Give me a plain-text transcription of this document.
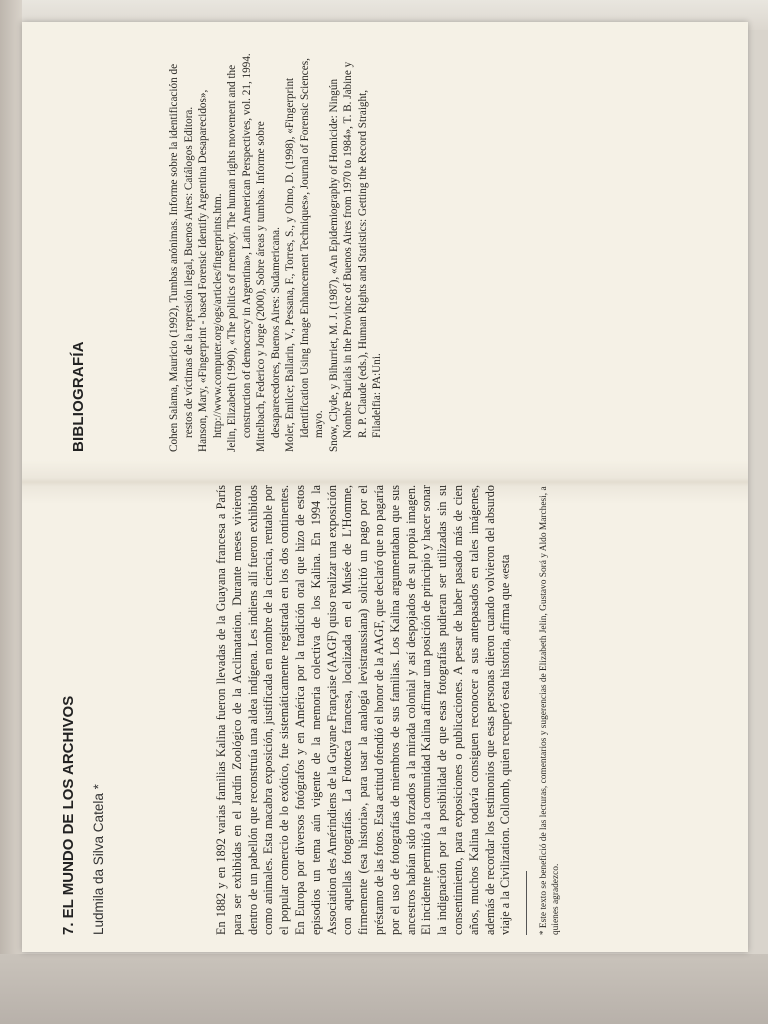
BIBLIOGRAFÍA	Cohen Salama, Mauricio (1992), Tumbas anónimas. Informe sobre la identificación de restos de víctimas de la represión ilegal, Buenos Aires: Catálogos Editora. Hanson, Mary, «Fingerprint - based Forensic Identify Argentina Desaparecidos», http://www.computer.org/ogs/articles/fingerprints.htm. Jelin, Elizabeth (1990), «The politics of memory. The human rights movement and the construction of democracy in Argentina», Latin American Perspectives, vol. 21, 1994. Mittelbach, Federico y Jorge (2000), Sobre áreas y tumbas. Informe sobre desaparecedores, Buenos Aires: Sudamericana. Moler, Emilce; Ballarin, V., Pessana, F., Torres, S., y Olmo, D. (1998), «Fingerprint Identification Using Image Enhancement Techniques», Journal of Forensic Sciences, mayo. Snow, Clyde, y Bihurriet, M. J. (1987), «An Epidemiography of Homicide: Ningún Nombre Burials in the Province of Buenos Aires from 1970 to 1984», T. B. Jabine y R. P. Claude (eds.), Human Rights and Statistics: Getting the Record Straight, Filadelfia: PA:Uni.

7. EL MUNDO DE LOS ARCHIVOS Ludmila da Silva Catela *	En 1882 y en 1892 varias familias Kalina fueron llevadas de la Guayana francesa a París para ser exhibidas en el Jardín Zoológico de la Acclimatation. Durante meses vivieron dentro de un pabellón que reconstruía una aldea indígena. Les indiens allí fueron exhibidos como animales. Esta macabra exposición, justificada en nombre de la ciencia, rentable por el popular comercio de lo exótico, fue sistemáticamente registrada en los dos continentes. En Europa por diversos fotógrafos y en América por la tradición oral que hizo de estos episodios un tema aún vigente de la memoria colectiva de los Kalina. En 1994 la Association des Amérindiens de la Guyane Française (AAGF) quiso realizar una exposición con aquellas fotografías. La Fototeca francesa, localizada en el Musée de L'Homme, firmemente (esa historia», para usar la analogía levistraussiana) solicitó un pago por el préstamo de las fotos. Esta actitud ofendió el honor de la AAGF, que declaró que no pagaría por el uso de fotografías de miembros de sus familias. Los Kalina argumentaban que sus ancestros habían sido forzados a la mirada colonial y así despojados de su propia imagen. El incidente permitió a la comunidad Kalina afirmar una posición de principio y hacer sonar la indignación por la posibilidad de que esas fotografías pudieran ser utilizadas sin su consentimiento, para exposiciones o publicaciones. A pesar de haber pasado más de cien años, muchos Kalina todavía consiguen reconocer a sus antepasados en tales imágenes, además de recordar los testimonios que esas personas dieron cuando volvieron del absurdo viaje a la Civilization. Collomb, quien recuperó esta historia, afirma que «esta	* Este texto se benefició de las lecturas, comentarios y sugerencias de Elizabeth Jelin, Gustavo Sorá y Aldo Marchesi, a quienes agradezco.
